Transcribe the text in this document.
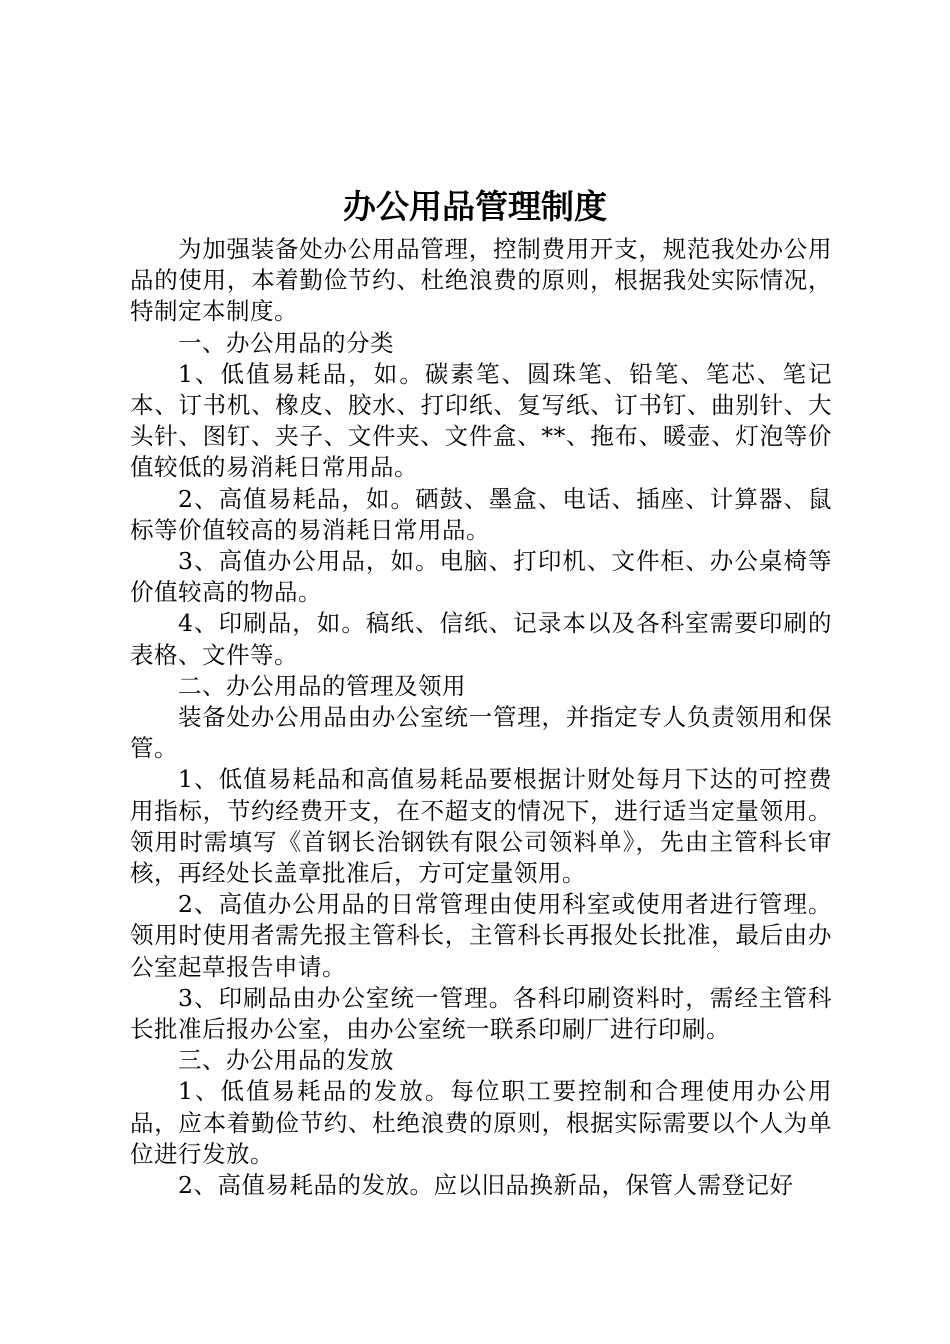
办公用品管理制度

为加强装备处办公用品管理，控制费用开支，规范我处办公用品的使用，本着勤俭节约、杜绝浪费的原则，根据我处实际情况，特制定本制度。

一、办公用品的分类

1、低值易耗品，如。碳素笔、圆珠笔、铅笔、笔芯、笔记本、订书机、橡皮、胶水、打印纸、复写纸、订书钉、曲别针、大头针、图钉、夹子、文件夹、文件盒、**、拖布、暖壶、灯泡等价值较低的易消耗日常用品。

2、高值易耗品，如。硒鼓、墨盒、电话、插座、计算器、鼠标等价值较高的易消耗日常用品。

3、高值办公用品，如。电脑、打印机、文件柜、办公桌椅等价值较高的物品。

4、印刷品，如。稿纸、信纸、记录本以及各科室需要印刷的表格、文件等。

二、办公用品的管理及领用

装备处办公用品由办公室统一管理，并指定专人负责领用和保管。

1、低值易耗品和高值易耗品要根据计财处每月下达的可控费用指标，节约经费开支，在不超支的情况下，进行适当定量领用。领用时需填写《首钢长治钢铁有限公司领料单》，先由主管科长审核，再经处长盖章批准后，方可定量领用。

2、高值办公用品的日常管理由使用科室或使用者进行管理。领用时使用者需先报主管科长，主管科长再报处长批准，最后由办公室起草报告申请。

3、印刷品由办公室统一管理。各科印刷资料时，需经主管科长批准后报办公室，由办公室统一联系印刷厂进行印刷。

三、办公用品的发放

1、低值易耗品的发放。每位职工要控制和合理使用办公用品，应本着勤俭节约、杜绝浪费的原则，根据实际需要以个人为单位进行发放。

2、高值易耗品的发放。应以旧品换新品，保管人需登记好
